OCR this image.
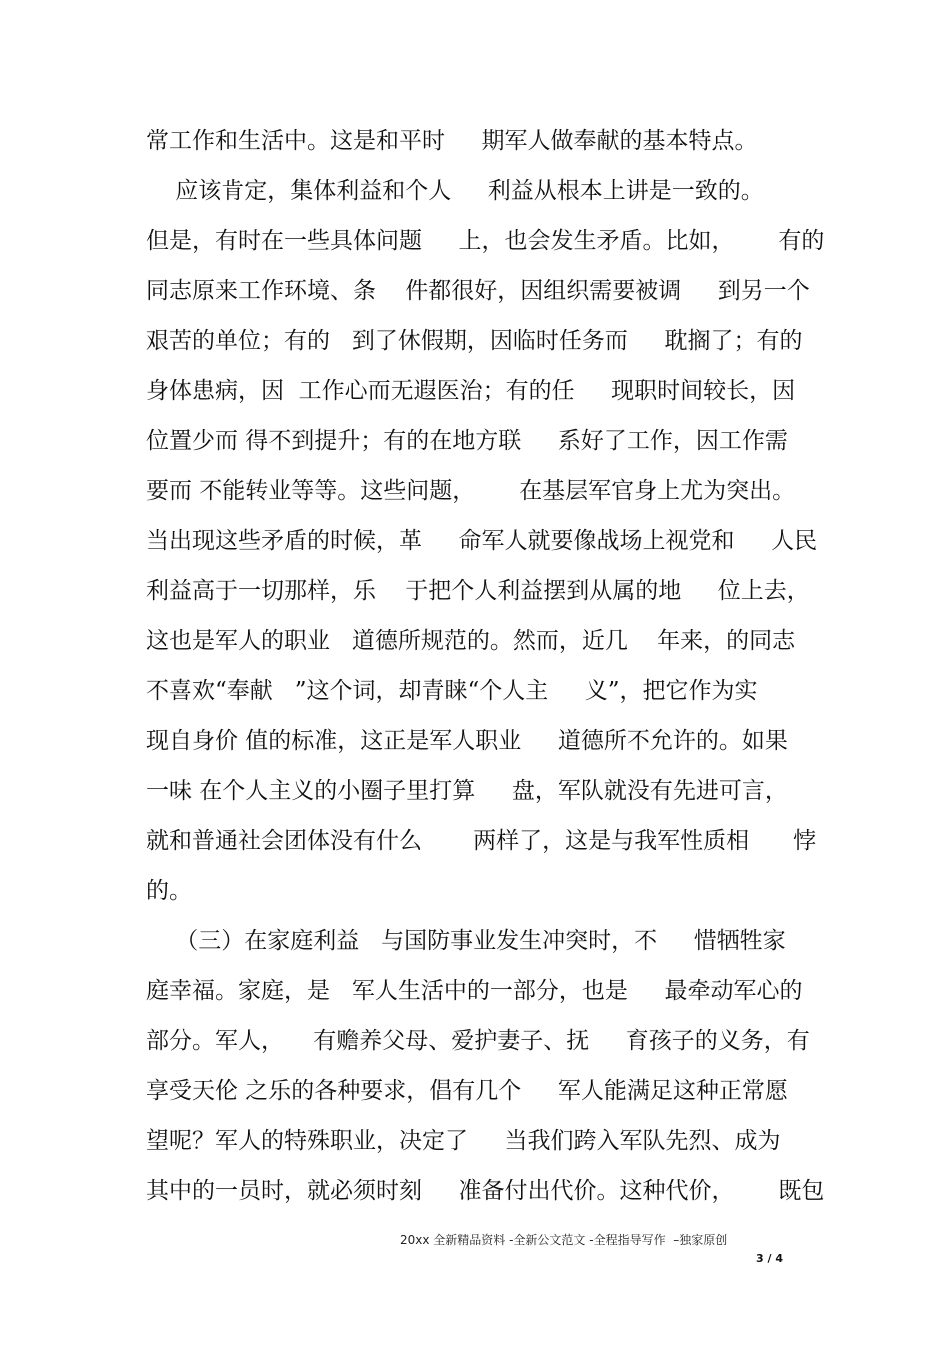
常工作和生活中。这是和平时     期军人做奉献的基本特点。
应该肯定，集体利益和个人     利益从根本上讲是一致的。
但是，有时在一些具体问题     上，也会发生矛盾。比如，      有的
同志原来工作环境、条    件都很好，因组织需要被调     到另一个
艰苦的单位；有的   到了休假期，因临时任务而     耽搁了；有的
身体患病，因  工作心而无遐医治；有的任     现职时间较长，因
位置少而 得不到提升；有的在地方联     系好了工作，因工作需
要而 不能转业等等。这些问题，      在基层军官身上尤为突出。
当出现这些矛盾的时候，革     命军人就要像战场上视党和     人民
利益高于一切那样，乐    于把个人利益摆到从属的地     位上去，
这也是军人的职业   道德所规范的。然而，近几    年来，的同志
不喜欢“奉献   ”这个词，却青睐“个人主     义”，把它作为实
现自身价 值的标准，这正是军人职业     道德所不允许的。如果
一味 在个人主义的小圈子里打算     盘，军队就没有先进可言，
就和普通社会团体没有什么       两样了，这是与我军性质相      悖
的。
（三）在家庭利益   与国防事业发生冲突时，不     惜牺牲家
庭幸福。家庭，是   军人生活中的一部分，也是     最牵动军心的
部分。军人，    有赡养父母、爱护妻子、抚     育孩子的义务，有
享受天伦 之乐的各种要求，倡有几个     军人能满足这种正常愿
望呢？军人的特殊职业，决定了     当我们跨入军队先烈、成为
其中的一员时，就必须时刻     准备付出代价。这种代价，      既包
20xx 全新精品资料 -全新公文范文 -全程指导写作  –独家原创
3 / 4
